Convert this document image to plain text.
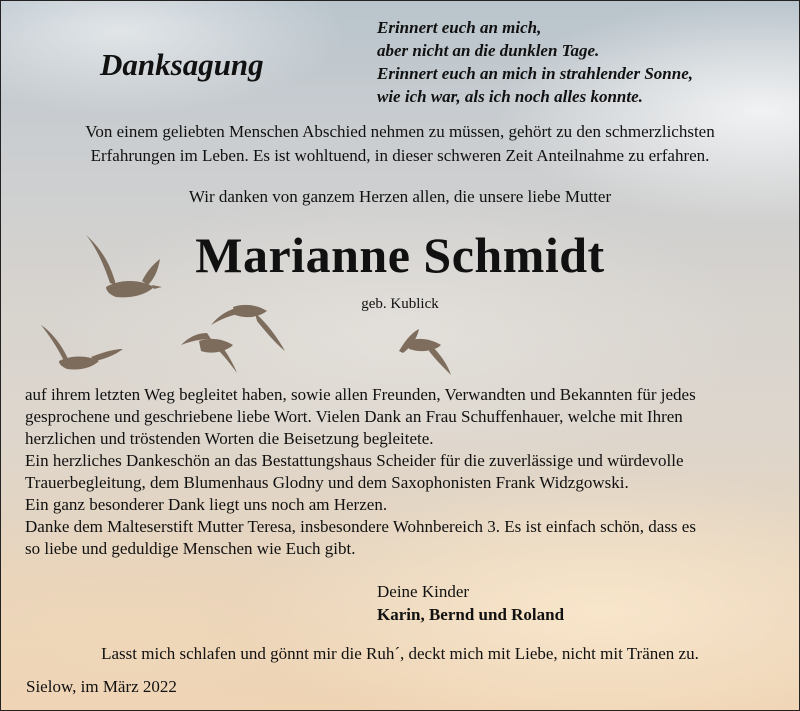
Danksagung
Erinnert euch an mich,
aber nicht an die dunklen Tage.
Erinnert euch an mich in strahlender Sonne,
wie ich war, als ich noch alles konnte.
Von einem geliebten Menschen Abschied nehmen zu müssen, gehört zu den schmerzlichsten
Erfahrungen im Leben. Es ist wohltuend, in dieser schweren Zeit Anteilnahme zu erfahren.
Wir danken von ganzem Herzen allen, die unsere liebe Mutter
Marianne Schmidt
geb. Kublick
auf ihrem letzten Weg begleitet haben, sowie allen Freunden, Verwandten und Bekannten für jedes
gesprochene und geschriebene liebe Wort. Vielen Dank an Frau Schuffenhauer, welche mit Ihren
herzlichen und tröstenden Worten die Beisetzung begleitete.
Ein herzliches Dankeschön an das Bestattungshaus Scheider für die zuverlässige und würdevolle
Trauerbegleitung, dem Blumenhaus Glodny und dem Saxophonisten Frank Widzgowski.
Ein ganz besonderer Dank liegt uns noch am Herzen.
Danke dem Malteserstift Mutter Teresa, insbesondere Wohnbereich 3. Es ist einfach schön, dass es
so liebe und geduldige Menschen wie Euch gibt.
Deine Kinder
Karin, Bernd und Roland
Lasst mich schlafen und gönnt mir die Ruh´, deckt mich mit Liebe, nicht mit Tränen zu.
Sielow, im März 2022
